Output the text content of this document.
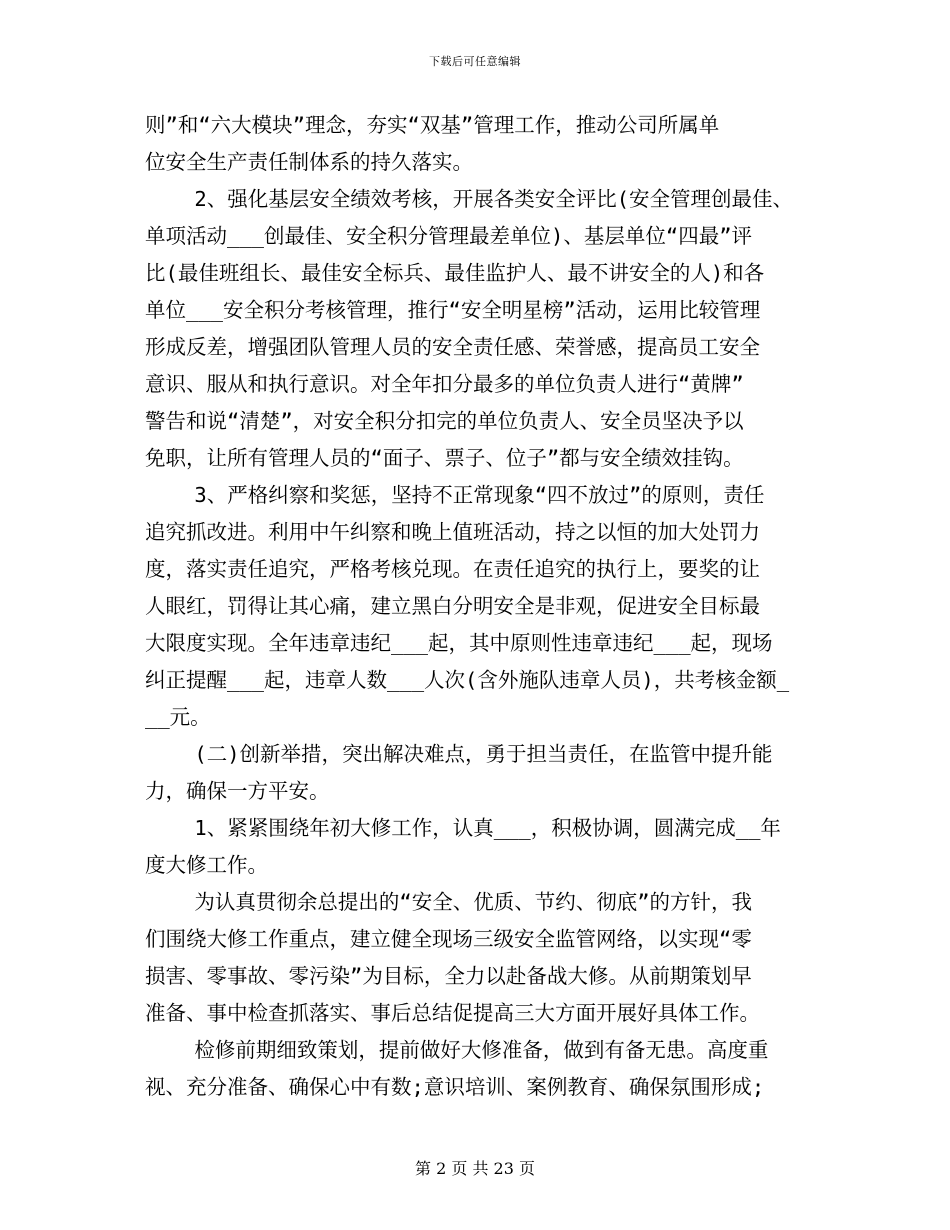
下载后可任意编辑
则”和“六大模块”理念，夯实“双基”管理工作，推动公司所属单
位安全生产责任制体系的持久落实。
2、强化基层安全绩效考核，开展各类安全评比(安全管理创最佳、
单项活动___创最佳、安全积分管理最差单位)、基层单位“四最”评
比(最佳班组长、最佳安全标兵、最佳监护人、最不讲安全的人)和各
单位___安全积分考核管理，推行“安全明星榜”活动，运用比较管理
形成反差，增强团队管理人员的安全责任感、荣誉感，提高员工安全
意识、服从和执行意识。对全年扣分最多的单位负责人进行“黄牌”
警告和说“清楚”，对安全积分扣完的单位负责人、安全员坚决予以
免职，让所有管理人员的“面子、票子、位子”都与安全绩效挂钩。
3、严格纠察和奖惩，坚持不正常现象“四不放过”的原则，责任
追究抓改进。利用中午纠察和晚上值班活动，持之以恒的加大处罚力
度，落实责任追究，严格考核兑现。在责任追究的执行上，要奖的让
人眼红，罚得让其心痛，建立黑白分明安全是非观，促进安全目标最
大限度实现。全年违章违纪___起，其中原则性违章违纪___起，现场
纠正提醒___起，违章人数___人次(含外施队违章人员)，共考核金额_
__元。
(二)创新举措，突出解决难点，勇于担当责任，在监管中提升能
力，确保一方平安。
1、紧紧围绕年初大修工作，认真___，积极协调，圆满完成__年
度大修工作。
为认真贯彻余总提出的“安全、优质、节约、彻底”的方针，我
们围绕大修工作重点，建立健全现场三级安全监管网络，以实现“零
损害、零事故、零污染”为目标，全力以赴备战大修。从前期策划早
准备、事中检查抓落实、事后总结促提高三大方面开展好具体工作。
检修前期细致策划，提前做好大修准备，做到有备无患。高度重
视、充分准备、确保心中有数;意识培训、案例教育、确保氛围形成;
第 2 页 共 23 页
